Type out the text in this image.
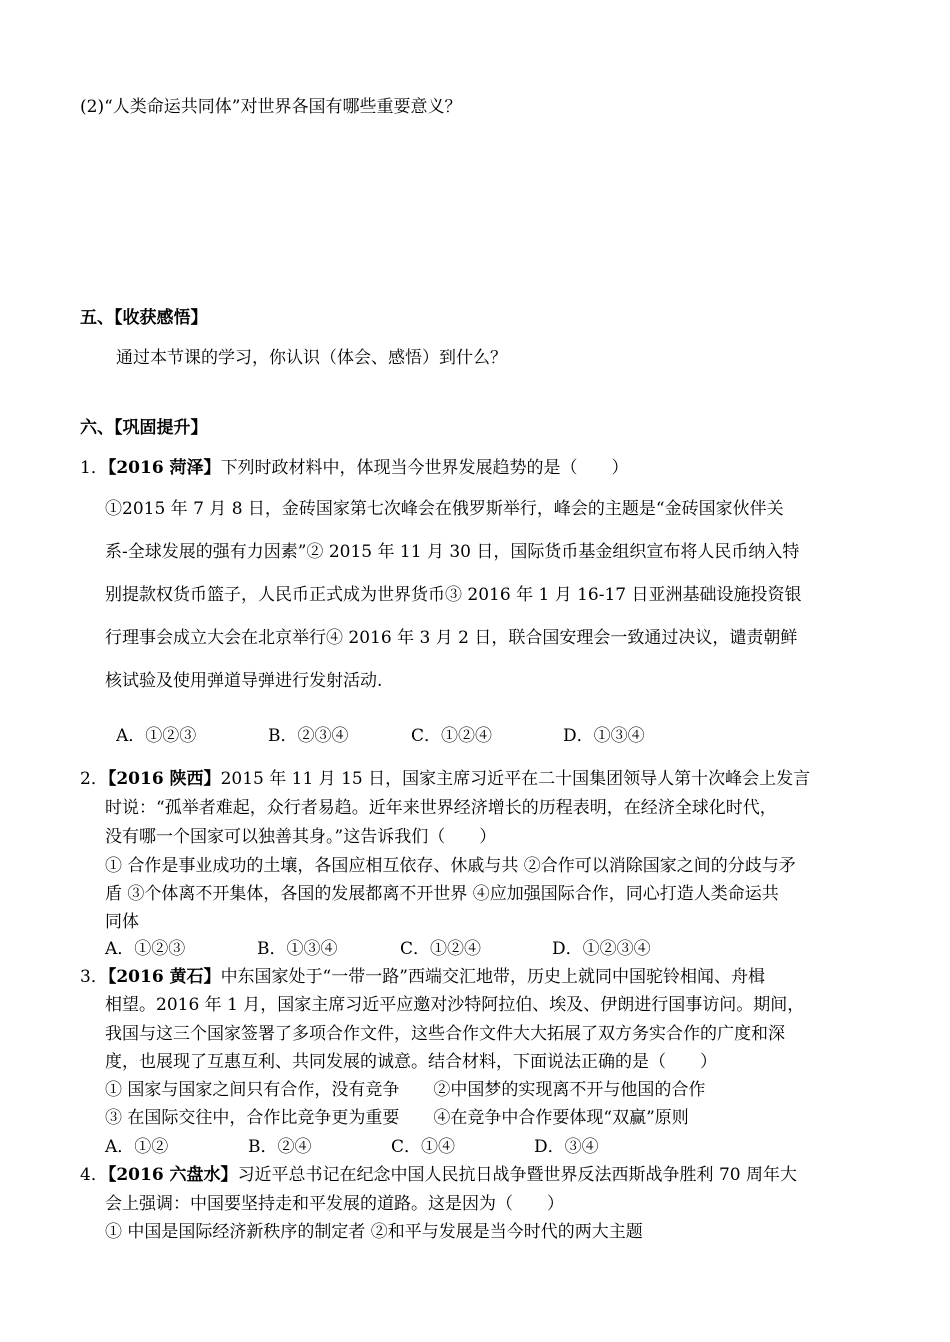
(2)“人类命运共同体”对世界各国有哪些重要意义？
五、【收获感悟】
通过本节课的学习，你认识（体会、感悟）到什么？
六、【巩固提升】
1．【2016 菏泽】下列时政材料中，体现当今世界发展趋势的是（　　）
①2015 年 7 月 8 日，金砖国家第七次峰会在俄罗斯举行，峰会的主题是“金砖国家伙伴关
系-全球发展的强有力因素”② 2015 年 11 月 30 日，国际货币基金组织宣布将人民币纳入特
别提款权货币篮子，人民币正式成为世界货币③ 2016 年 1 月 16-17 日亚洲基础设施投资银
行理事会成立大会在北京举行④ 2016 年 3 月 2 日，联合国安理会一致通过决议，谴责朝鲜
核试验及使用弹道导弹进行发射活动.
A．①②③	B．②③④	C．①②④	D．①③④
2．【2016 陕西】2015 年 11 月 15 日，国家主席习近平在二十国集团领导人第十次峰会上发言
时说：“孤举者难起，众行者易趋。近年来世界经济增长的历程表明，在经济全球化时代，
没有哪一个国家可以独善其身。”这告诉我们（　　）
① 合作是事业成功的土壤，各国应相互依存、休戚与共 ②合作可以消除国家之间的分歧与矛
盾 ③个体离不开集体，各国的发展都离不开世界 ④应加强国际合作，同心打造人类命运共
同体
A．①②③	B．①③④	C．①②④	D．①②③④
3．【2016 黄石】中东国家处于“一带一路”西端交汇地带，历史上就同中国驼铃相闻、舟楫
相望。2016 年 1 月，国家主席习近平应邀对沙特阿拉伯、埃及、伊朗进行国事访问。期间，
我国与这三个国家签署了多项合作文件，这些合作文件大大拓展了双方务实合作的广度和深
度，也展现了互惠互利、共同发展的诚意。结合材料，下面说法正确的是（　　）
① 国家与国家之间只有合作，没有竞争　　②中国梦的实现离不开与他国的合作
③ 在国际交往中，合作比竞争更为重要　　④在竞争中合作要体现“双赢”原则
A．①②	B．②④	C．①④	D．③④
4．【2016 六盘水】习近平总书记在纪念中国人民抗日战争暨世界反法西斯战争胜利 70 周年大
会上强调：中国要坚持走和平发展的道路。这是因为（　　）
① 中国是国际经济新秩序的制定者 ②和平与发展是当今时代的两大主题
